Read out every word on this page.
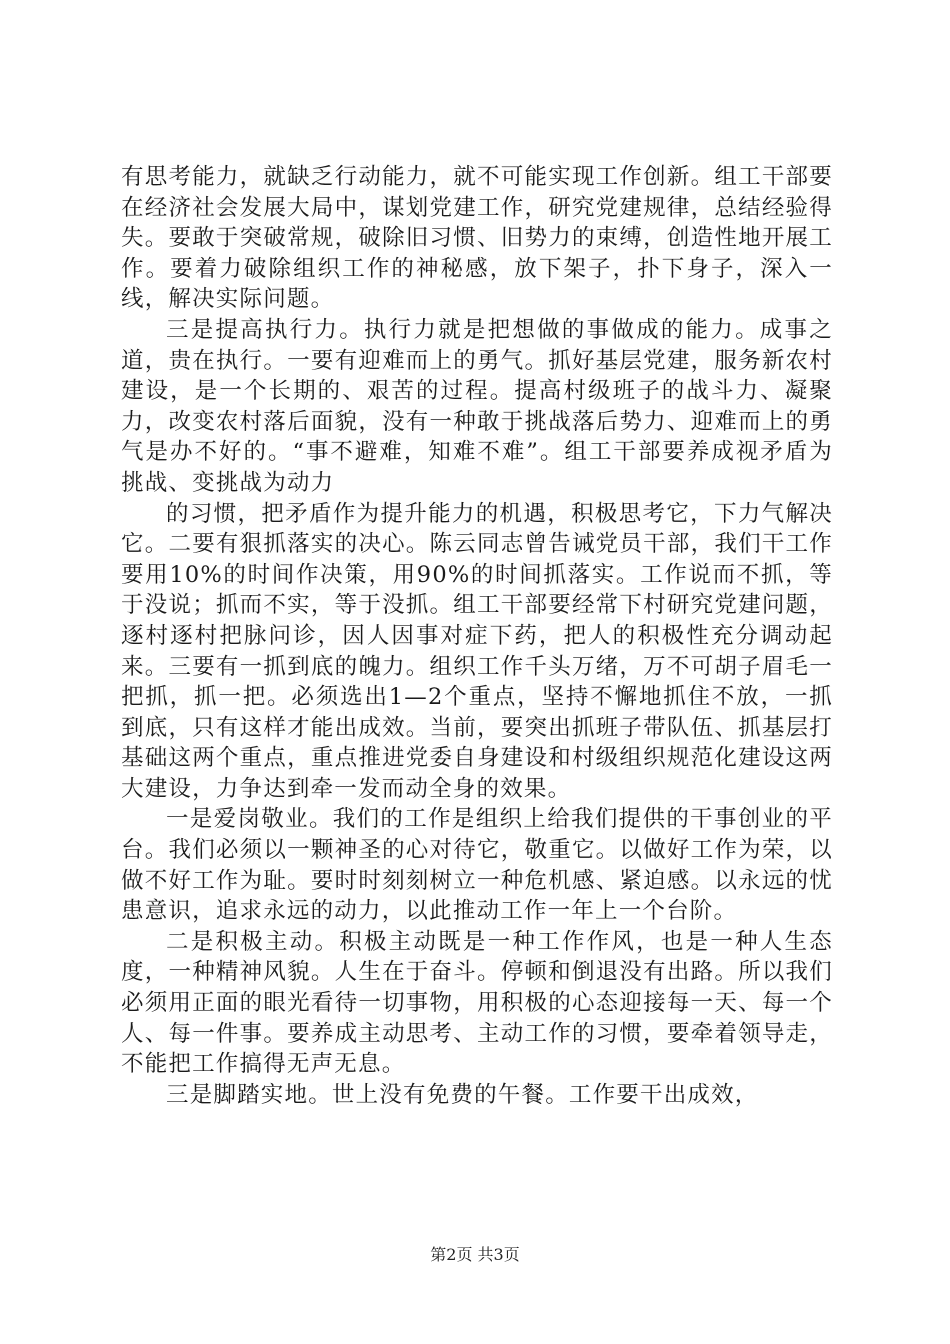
有思考能力，就缺乏行动能力，就不可能实现工作创新。组工干部要在经济社会发展大局中，谋划党建工作，研究党建规律，总结经验得失。要敢于突破常规，破除旧习惯、旧势力的束缚，创造性地开展工作。要着力破除组织工作的神秘感，放下架子，扑下身子，深入一线，解决实际问题。

三是提高执行力。执行力就是把想做的事做成的能力。成事之道，贵在执行。一要有迎难而上的勇气。抓好基层党建，服务新农村建设，是一个长期的、艰苦的过程。提高村级班子的战斗力、凝聚力，改变农村落后面貌，没有一种敢于挑战落后势力、迎难而上的勇气是办不好的。“事不避难，知难不难”。组工干部要养成视矛盾为挑战、变挑战为动力

的习惯，把矛盾作为提升能力的机遇，积极思考它，下力气解决它。二要有狠抓落实的决心。陈云同志曾告诫党员干部，我们干工作要用10%的时间作决策，用90%的时间抓落实。工作说而不抓，等于没说；抓而不实，等于没抓。组工干部要经常下村研究党建问题，逐村逐村把脉问诊，因人因事对症下药，把人的积极性充分调动起来。三要有一抓到底的魄力。组织工作千头万绪，万不可胡子眉毛一把抓，抓一把。必须选出1—2个重点，坚持不懈地抓住不放，一抓到底，只有这样才能出成效。当前，要突出抓班子带队伍、抓基层打基础这两个重点，重点推进党委自身建设和村级组织规范化建设这两大建设，力争达到牵一发而动全身的效果。

一是爱岗敬业。我们的工作是组织上给我们提供的干事创业的平台。我们必须以一颗神圣的心对待它，敬重它。以做好工作为荣，以做不好工作为耻。要时时刻刻树立一种危机感、紧迫感。以永远的忧患意识，追求永远的动力，以此推动工作一年上一个台阶。

二是积极主动。积极主动既是一种工作作风，也是一种人生态度，一种精神风貌。人生在于奋斗。停顿和倒退没有出路。所以我们必须用正面的眼光看待一切事物，用积极的心态迎接每一天、每一个人、每一件事。要养成主动思考、主动工作的习惯，要牵着领导走，不能把工作搞得无声无息。

三是脚踏实地。世上没有免费的午餐。工作要干出成效，

第2页 共3页
